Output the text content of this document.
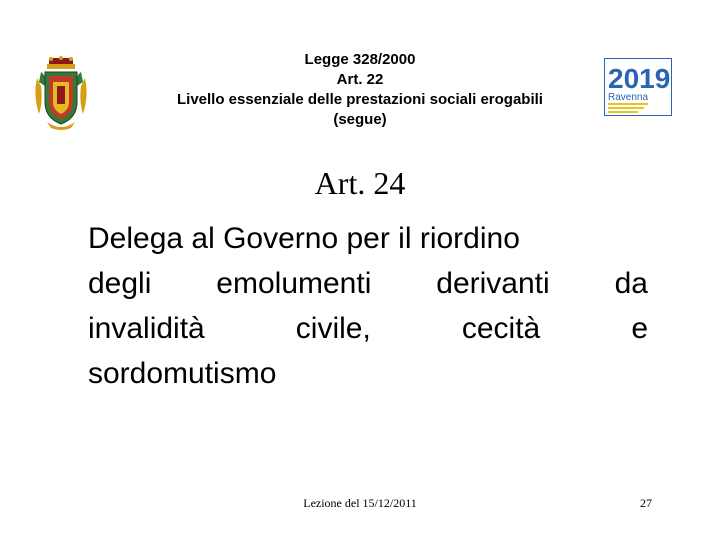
Legge 328/2000
Art. 22
Livello essenziale delle prestazioni sociali erogabili
(segue)
2019
Ravenna
Art. 24
Delega al Governo per il riordino
degli emolumenti derivanti da
invalidità	civile,	cecità	e
sordomutismo
Lezione del 15/12/2011	27
